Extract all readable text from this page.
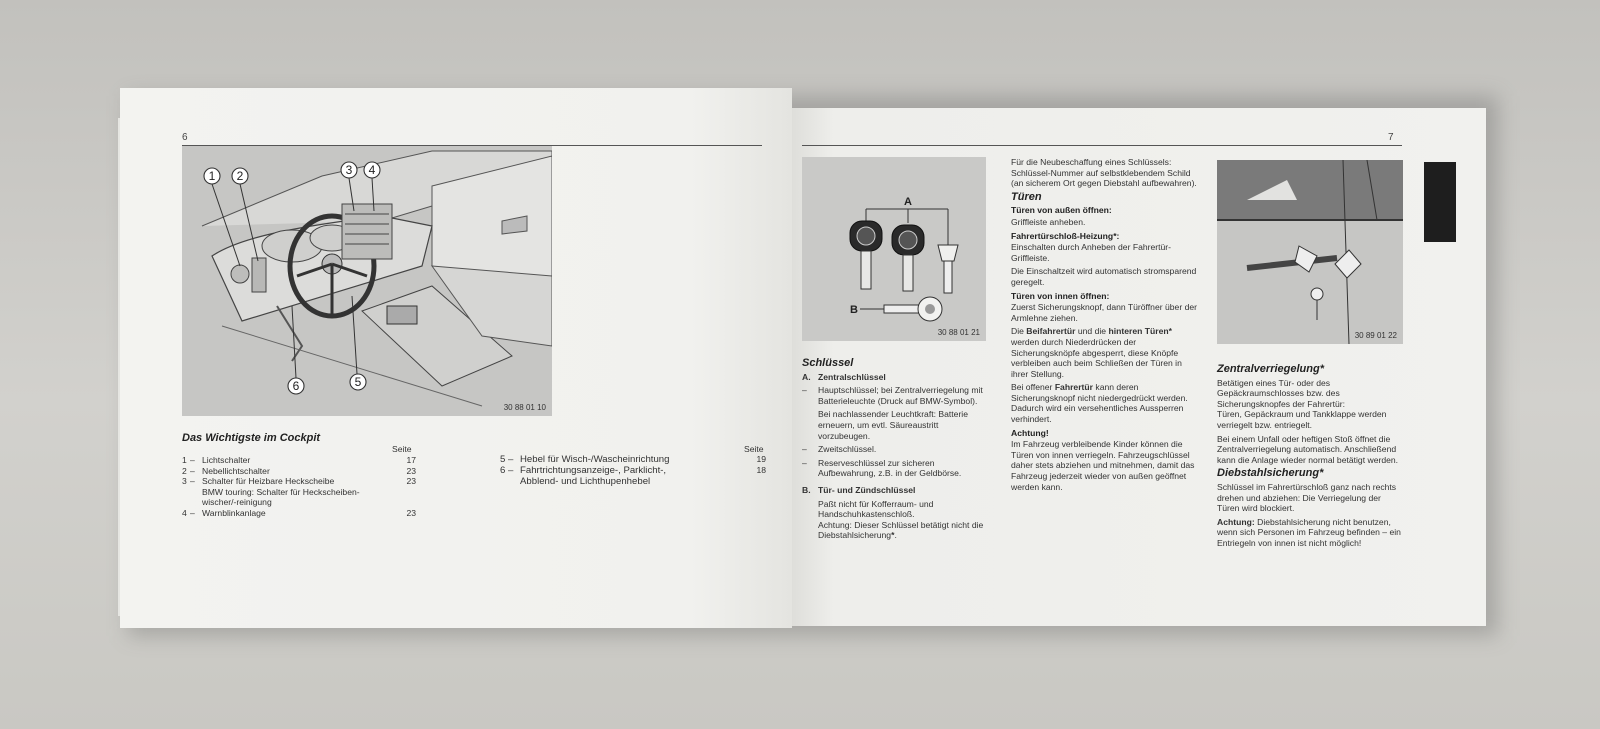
6
1 2	3 4
5
6
30 88 01 10
Das Wichtigste im Cockpit
Seite
1 – Lichtschalter	17
2 – Nebellichtschalter	23
3 – Schalter für Heizbare Heckscheibe	23
BMW touring: Schalter für Heckscheiben-
wischer/-reinigung
4 – Warnblinkanlage	23
Seite
5 – Hebel für Wisch-/Wascheinrichtung	19
6 – Fahrtrichtungsanzeige-, Parklicht-,	18
Abblend- und Lichthupenhebel
7
A
B
30 88 01 21

Schlüssel

A. Zentralschlüssel

– Hauptschlüssel; bei Zentralverriegelung mit Batterieleuchte (Druck auf BMW-Symbol).

Bei nachlassender Leuchtkraft: Batterie erneuern, um evtl. Säureaustritt vorzubeugen.

– Zweitschlüssel.

– Reserveschlüssel zur sicheren Aufbewahrung, z.B. in der Geldbörse.

B. Tür- und Zündschlüssel

Paßt nicht für Kofferraum- und Handschuhkastenschloß.

Achtung: Dieser Schlüssel betätigt nicht die Diebstahlsicherung*.

Für die Neubeschaffung eines Schlüssels: Schlüssel-Nummer auf selbstklebendem Schild (an sicherem Ort gegen Diebstahl aufbewahren).

Türen

Türen von außen öffnen:

Griffleiste anheben.

Fahrertürschloß-Heizung*:

Einschalten durch Anheben der Fahrertür-Griffleiste.

Die Einschaltzeit wird automatisch stromsparend geregelt.

Türen von innen öffnen:

Zuerst Sicherungsknopf, dann Türöffner über der Armlehne ziehen.

Die Beifahrertür und die hinteren Türen* werden durch Niederdrücken der Sicherungsknöpfe abgesperrt, diese Knöpfe verbleiben auch beim Schließen der Türen in ihrer Stellung.

Bei offener Fahrertür kann deren Sicherungsknopf nicht niedergedrückt werden. Dadurch wird ein versehentliches Aussperren verhindert.

Achtung!

Im Fahrzeug verbleibende Kinder können die Türen von innen verriegeln. Fahrzeugschlüssel daher stets abziehen und mitnehmen, damit das Fahrzeug jederzeit wieder von außen geöffnet werden kann.

30 89 01 22

Zentralverriegelung*

Betätigen eines Tür- oder des Gepäckraumschlosses bzw. des Sicherungsknopfes der Fahrertür:

Türen, Gepäckraum und Tankklappe werden verriegelt bzw. entriegelt.

Bei einem Unfall oder heftigen Stoß öffnet die Zentralverriegelung automatisch. Anschließend kann die Anlage wieder normal betätigt werden.

Diebstahlsicherung*

Schlüssel im Fahrertürschloß ganz nach rechts drehen und abziehen: Die Verriegelung der Türen wird blockiert.

Achtung: Diebstahlsicherung nicht benutzen, wenn sich Personen im Fahrzeug befinden – ein Entriegeln von innen ist nicht möglich!
